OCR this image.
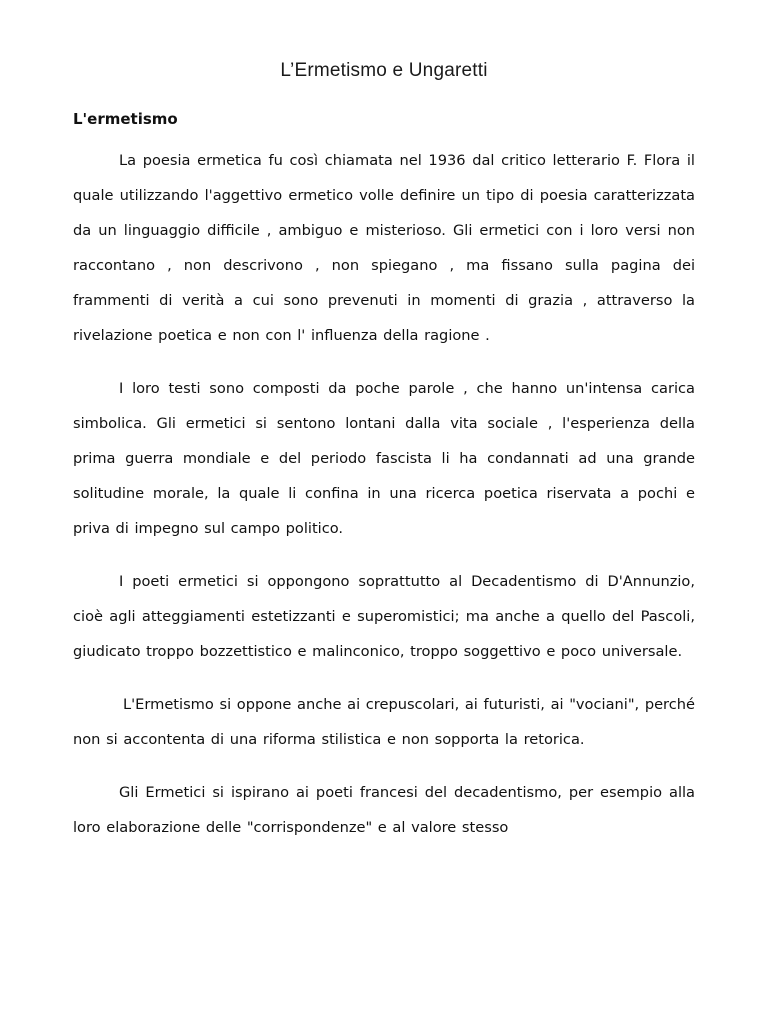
L’Ermetismo e Ungaretti
L'ermetismo

La poesia ermetica fu così chiamata nel 1936 dal critico letterario F. Flora il quale utilizzando l'aggettivo ermetico volle definire un tipo di poesia caratterizzata da un linguaggio difficile , ambiguo e misterioso. Gli ermetici con i loro versi non raccontano , non descrivono , non spiegano , ma fissano sulla pagina dei frammenti di verità a cui sono prevenuti in momenti di grazia , attraverso la rivelazione poetica e non con l' influenza della ragione .

I loro testi sono composti da poche parole , che hanno un'intensa carica simbolica. Gli ermetici si sentono lontani dalla vita sociale , l'esperienza della prima guerra mondiale e del periodo fascista li ha condannati ad una grande solitudine morale, la quale li confina in una ricerca poetica riservata a pochi e priva di impegno sul campo politico.

I poeti ermetici si oppongono soprattutto al Decadentismo di D'Annunzio, cioè agli atteggiamenti estetizzanti e superomistici; ma anche a quello del Pascoli, giudicato troppo bozzettistico e malinconico, troppo soggettivo e poco universale.

L'Ermetismo si oppone anche ai crepuscolari, ai futuristi, ai "vociani", perché non si accontenta di una riforma stilistica e non sopporta la retorica.

Gli Ermetici si ispirano ai poeti francesi del decadentismo, per esempio alla loro elaborazione delle "corrispondenze" e al valore stesso
